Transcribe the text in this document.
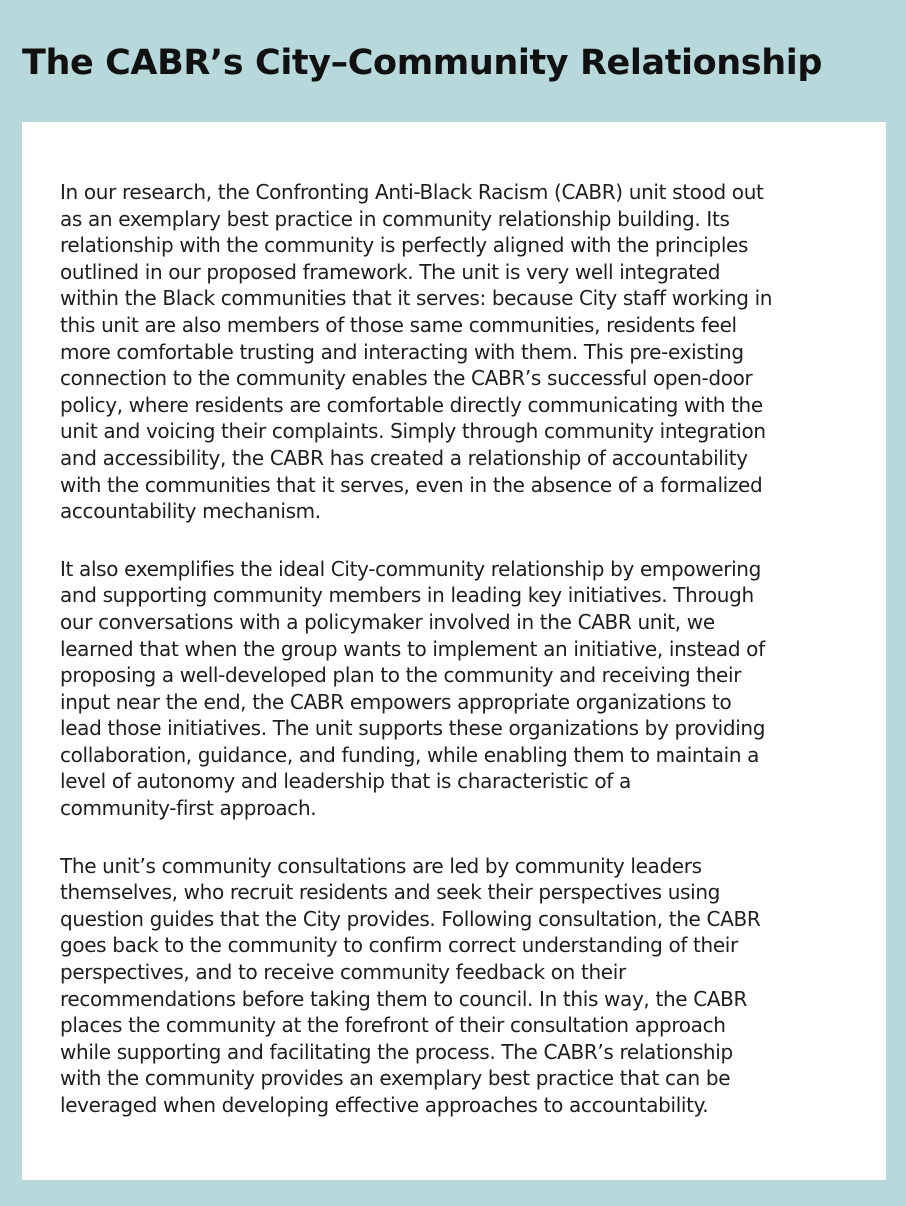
The CABR’s City–Community Relationship

In our research, the Confronting Anti-Black Racism (CABR) unit stood out
as an exemplary best practice in community relationship building. Its
relationship with the community is perfectly aligned with the principles
outlined in our proposed framework. The unit is very well integrated
within the Black communities that it serves: because City staff working in
this unit are also members of those same communities, residents feel
more comfortable trusting and interacting with them. This pre-existing
connection to the community enables the CABR’s successful open-door
policy, where residents are comfortable directly communicating with the
unit and voicing their complaints. Simply through community integration
and accessibility, the CABR has created a relationship of accountability
with the communities that it serves, even in the absence of a formalized
accountability mechanism.

It also exemplifies the ideal City-community relationship by empowering
and supporting community members in leading key initiatives. Through
our conversations with a policymaker involved in the CABR unit, we
learned that when the group wants to implement an initiative, instead of
proposing a well-developed plan to the community and receiving their
input near the end, the CABR empowers appropriate organizations to
lead those initiatives. The unit supports these organizations by providing
collaboration, guidance, and funding, while enabling them to maintain a
level of autonomy and leadership that is characteristic of a
community-first approach.

The unit’s community consultations are led by community leaders
themselves, who recruit residents and seek their perspectives using
question guides that the City provides. Following consultation, the CABR
goes back to the community to confirm correct understanding of their
perspectives, and to receive community feedback on their
recommendations before taking them to council. In this way, the CABR
places the community at the forefront of their consultation approach
while supporting and facilitating the process. The CABR’s relationship
with the community provides an exemplary best practice that can be
leveraged when developing effective approaches to accountability.
